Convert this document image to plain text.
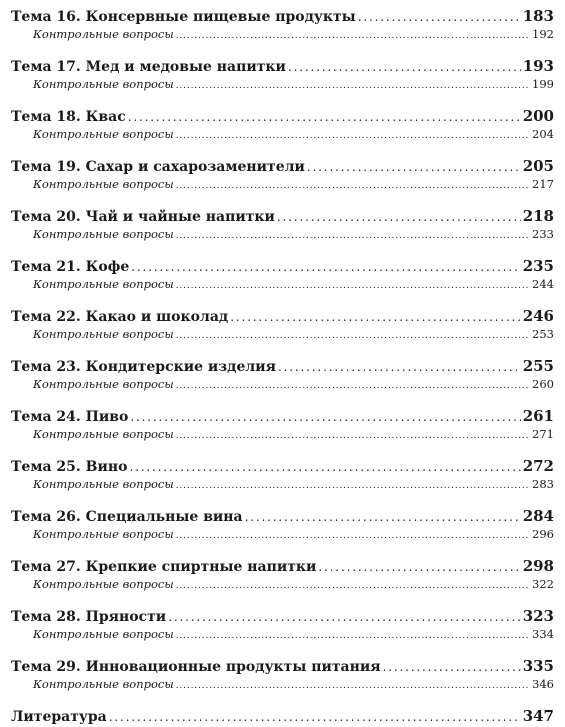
Тема 16. Консервные пищевые продукты . . .	183
Контрольные вопросы . . .	192
Тема 17. Мед и медовые напитки . . .	193
Контрольные вопросы . . .	199
Тема 18. Квас . . .	200
Контрольные вопросы . . .	204
Тема 19. Сахар и сахарозаменители . . .	205
Контрольные вопросы . . .	217
Тема 20. Чай и чайные напитки . . .	218
Контрольные вопросы . . .	233
Тема 21. Кофе . . .	235
Контрольные вопросы . . .	244
Тема 22. Какао и шоколад . . .	246
Контрольные вопросы . . .	253
Тема 23. Кондитерские изделия . . .	255
Контрольные вопросы . . .	260
Тема 24. Пиво . . .	261
Контрольные вопросы . . .	271
Тема 25. Вино . . .	272
Контрольные вопросы . . .	283
Тема 26. Специальные вина . . .	284
Контрольные вопросы . . .	296
Тема 27. Крепкие спиртные напитки . . .	298
Контрольные вопросы . . .	322
Тема 28. Пряности . . .	323
Контрольные вопросы . . .	334
Тема 29. Инновационные продукты питания . . .	335
Контрольные вопросы . . .	346
Литература . . .	347
